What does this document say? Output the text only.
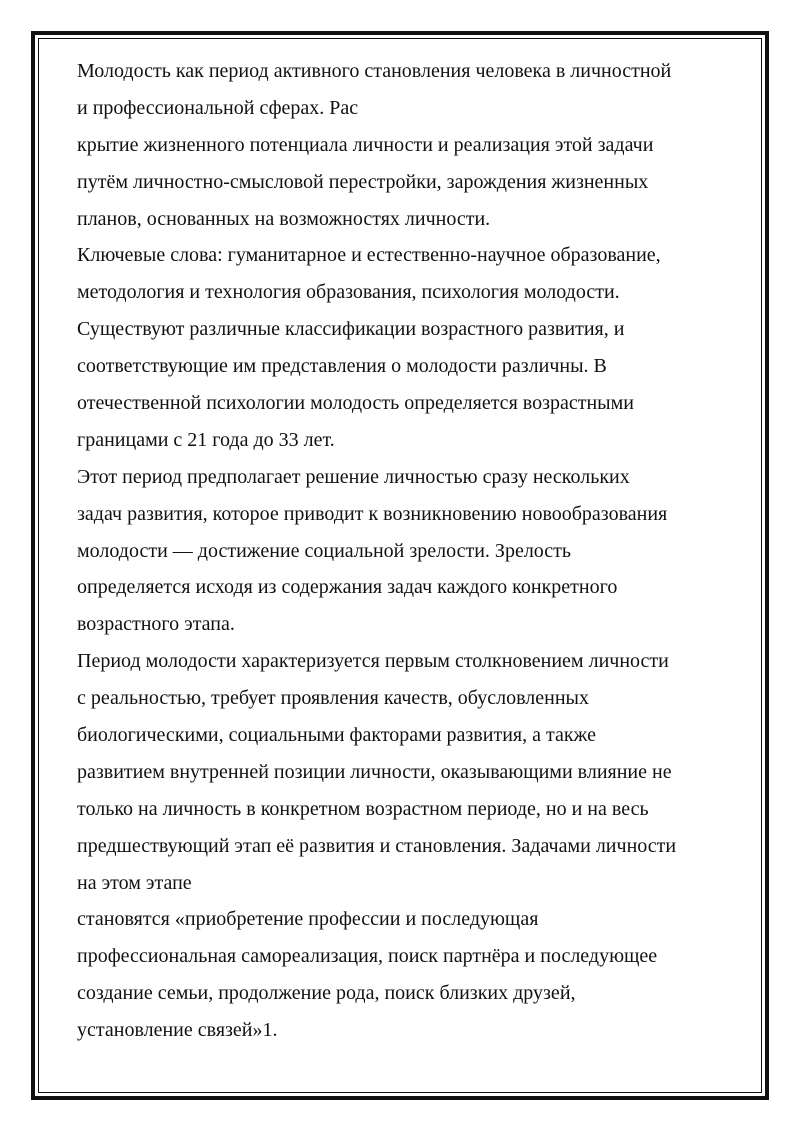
Молодость как период активного становления человека в личностной
и профессиональной сферах. Рас
крытие жизненного потенциала личности и реализация этой задачи
путём личностно-смысловой перестройки, зарождения жизненных
планов, основанных на возможностях личности.
Ключевые слова: гуманитарное и естественно-научное образование,
методология и технология образования, психология молодости.
Существуют различные классификации возрастного развития, и
соответствующие им представления о молодости различны. В
отечественной психологии молодость определяется возрастными
границами с 21 года до 33 лет.
Этот период предполагает решение личностью сразу нескольких
задач развития, которое приводит к возникновению новообразования
молодости — достижение социальной зрелости. Зрелость
определяется исходя из содержания задач каждого конкретного
возрастного этапа.
Период молодости характеризуется первым столкновением личности
с реальностью, требует проявления качеств, обусловленных
биологическими, социальными факторами развития, а также
развитием внутренней позиции личности, оказывающими влияние не
только на личность в конкретном возрастном периоде, но и на весь
предшествующий этап её развития и становления. Задачами личности
на этом этапе
становятся «приобретение профессии и последующая
профессиональная самореализация, поиск партнёра и последующее
создание семьи, продолжение рода, поиск близких друзей,
установление связей»1.
